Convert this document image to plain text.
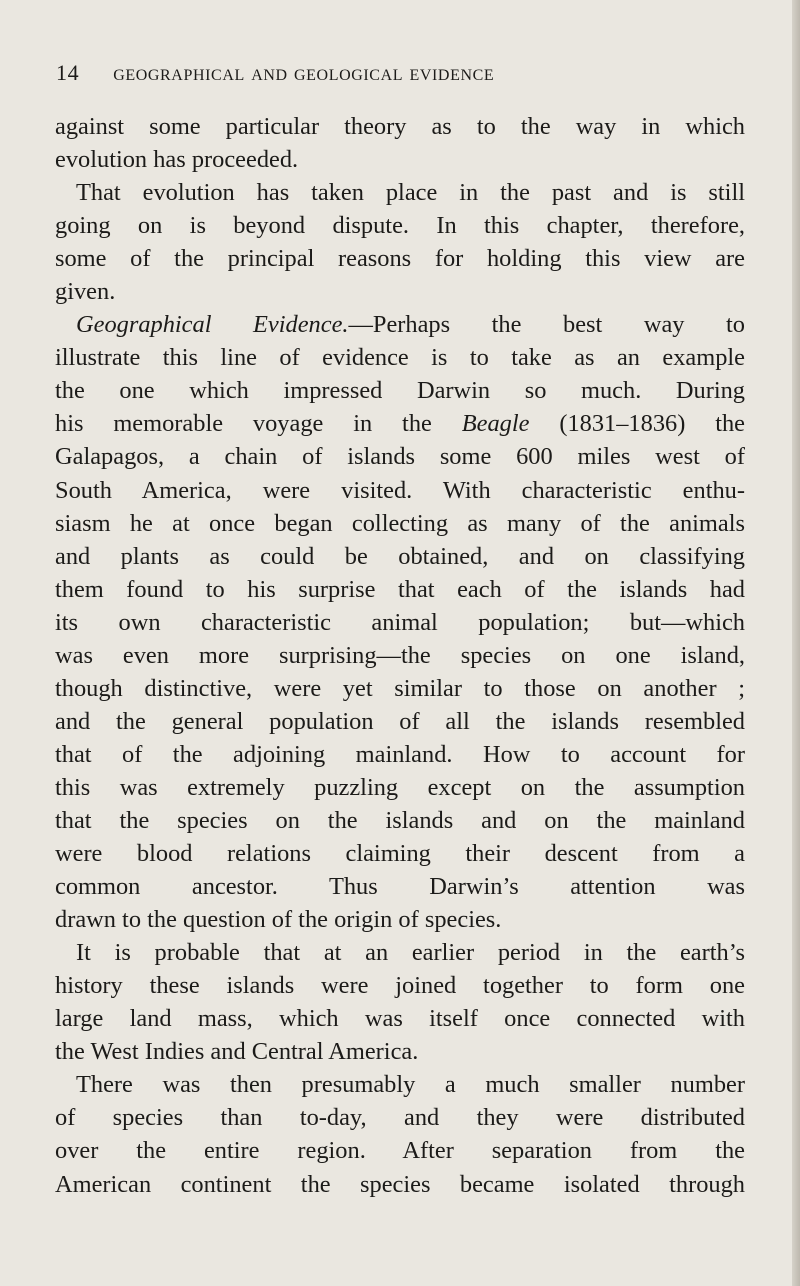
14 geographical and geological evidence
against some particular theory as to the way in which
evolution has proceeded.
That evolution has taken place in the past and is still
going on is beyond dispute. In this chapter, therefore,
some of the principal reasons for holding this view are
given.
Geographical Evidence.—Perhaps the best way to
illustrate this line of evidence is to take as an example
the one which impressed Darwin so much. During
his memorable voyage in the Beagle (1831–1836) the
Galapagos, a chain of islands some 600 miles west of
South America, were visited. With characteristic enthu-
siasm he at once began collecting as many of the animals
and plants as could be obtained, and on classifying
them found to his surprise that each of the islands had
its own characteristic animal population; but—which
was even more surprising—the species on one island,
though distinctive, were yet similar to those on another ;
and the general population of all the islands resembled
that of the adjoining mainland. How to account for
this was extremely puzzling except on the assumption
that the species on the islands and on the mainland
were blood relations claiming their descent from a
common ancestor. Thus Darwin’s attention was
drawn to the question of the origin of species.
It is probable that at an earlier period in the earth’s
history these islands were joined together to form one
large land mass, which was itself once connected with
the West Indies and Central America.
There was then presumably a much smaller number
of species than to-day, and they were distributed
over the entire region. After separation from the
American continent the species became isolated through
